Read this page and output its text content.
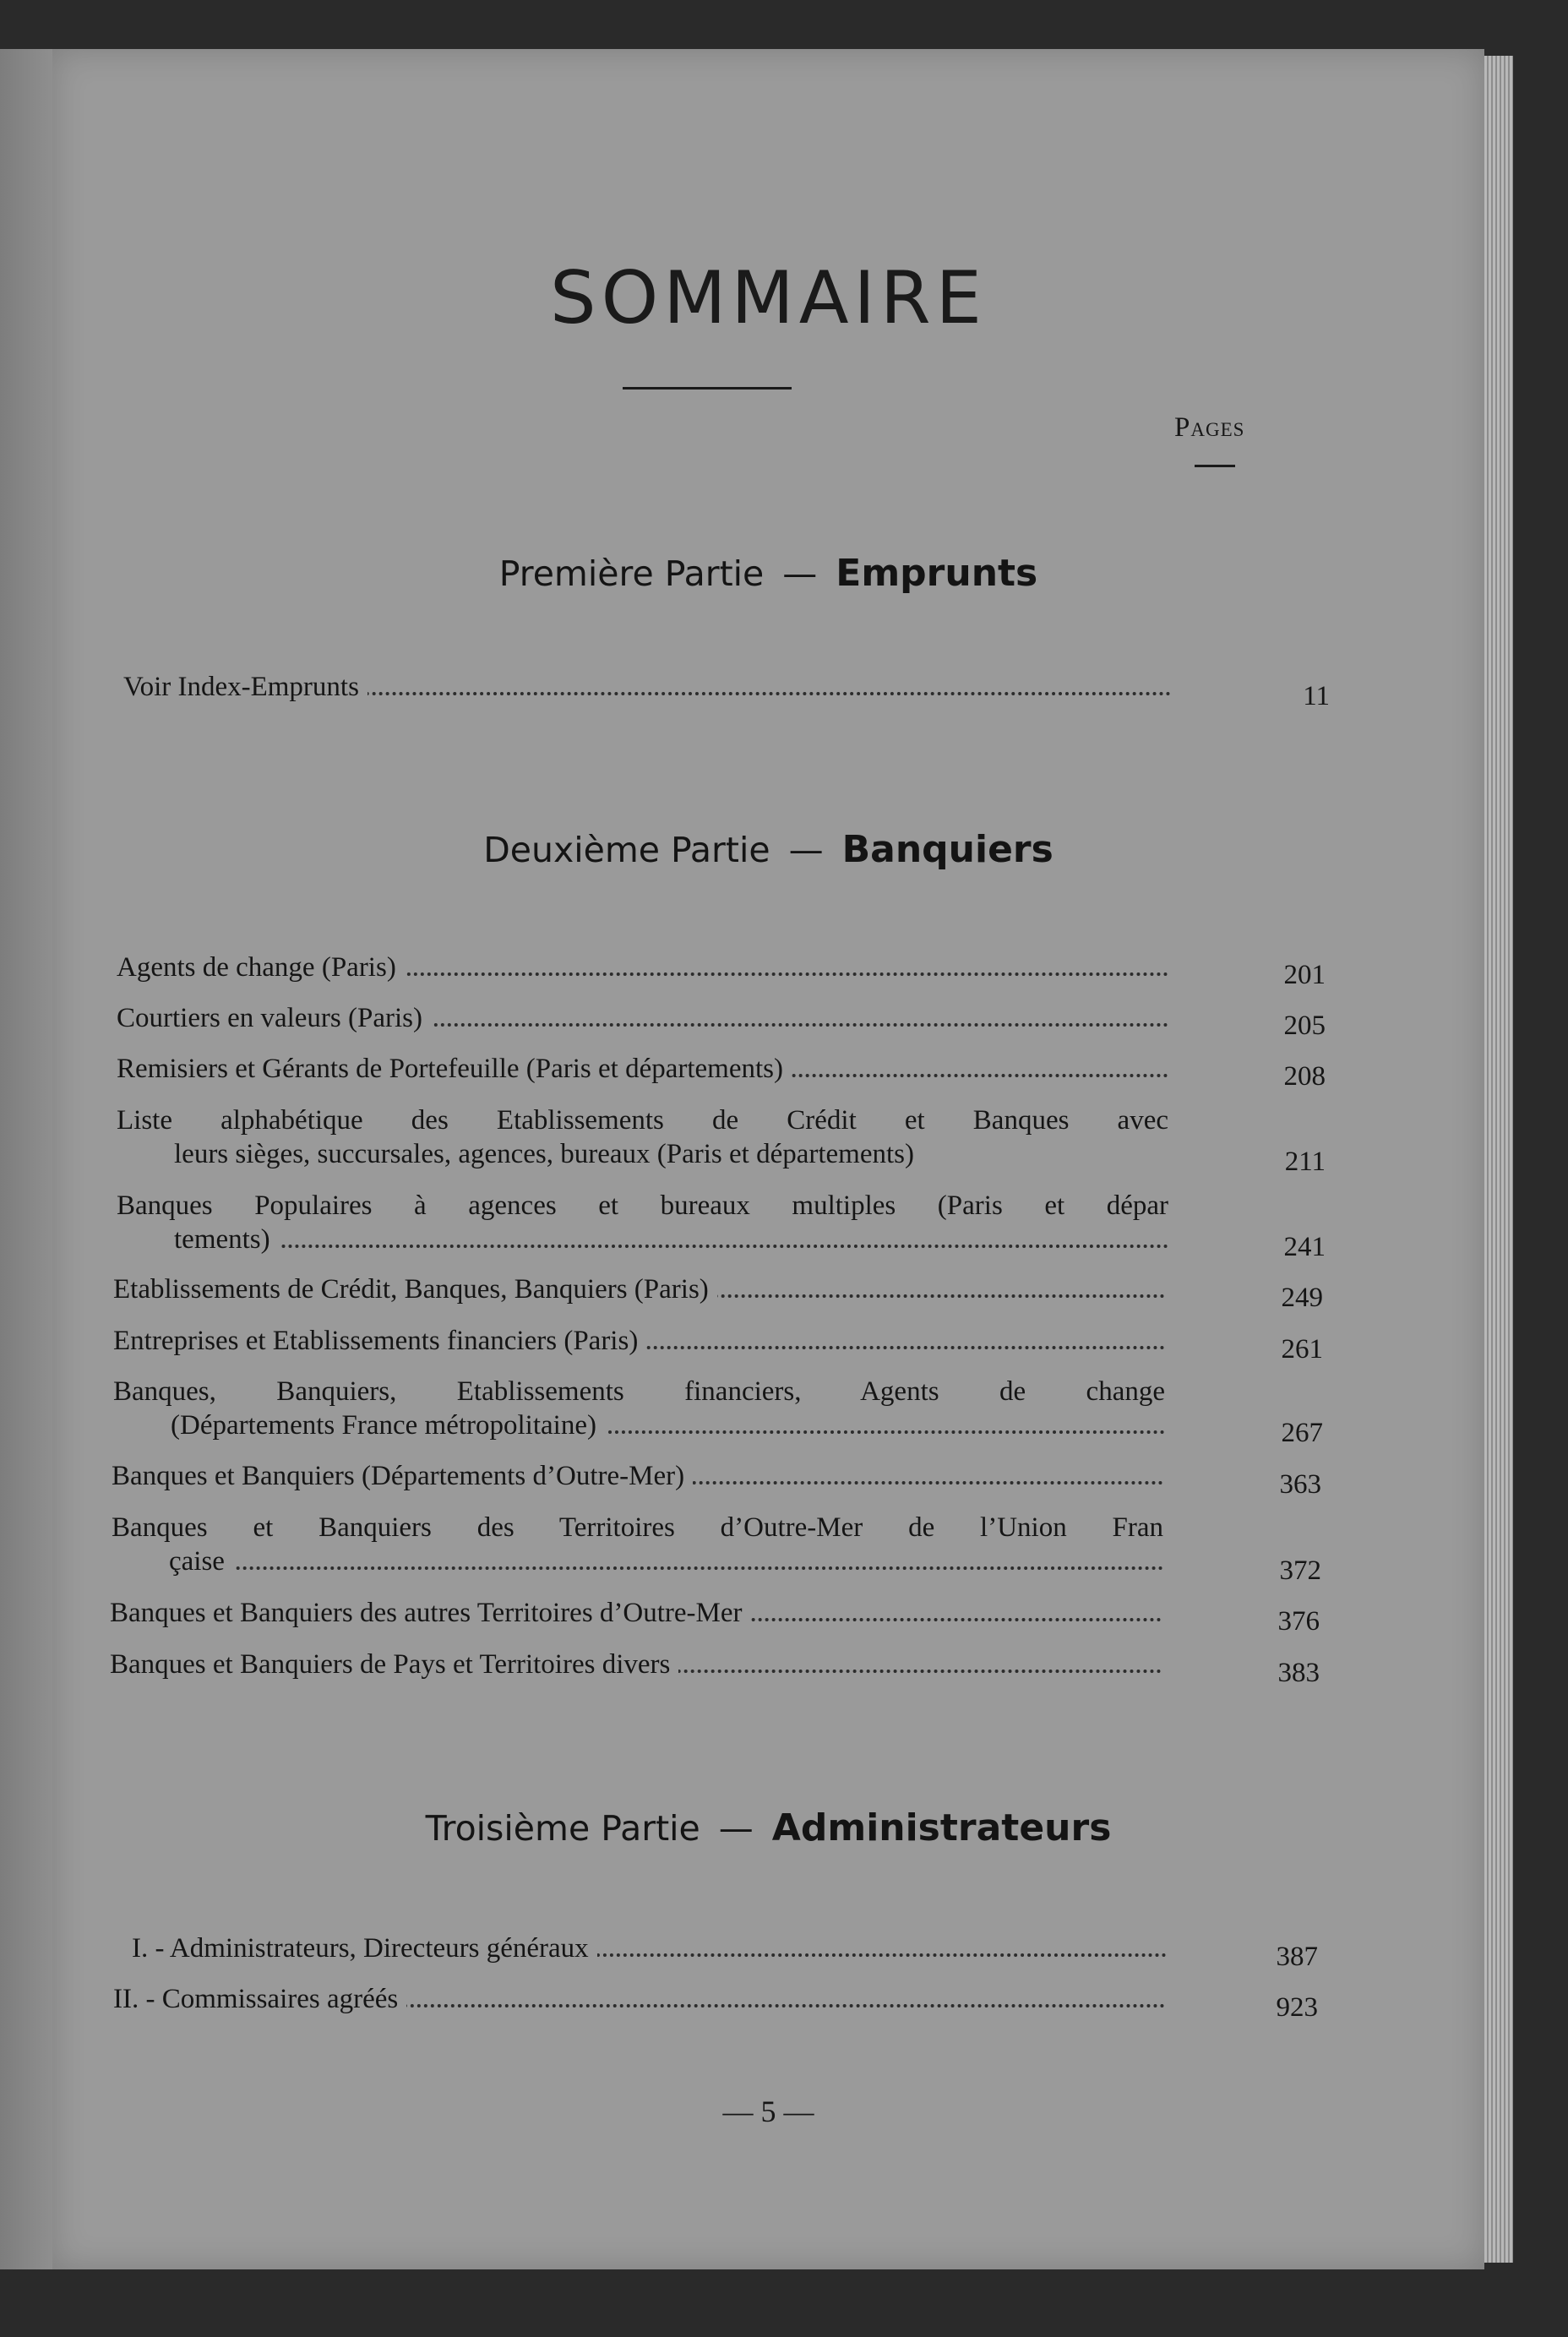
SOMMAIRE
Pages
Première Partie — Emprunts
Voir Index-Emprunts	11
Deuxième Partie — Banquiers
Agents de change (Paris)	201
Courtiers en valeurs (Paris)	205
Remisiers et Gérants de Portefeuille (Paris et départements)	208
Liste alphabétique des Etablissements de Crédit et Banques avec
leurs sièges, succursales, agences, bureaux (Paris et départements)	211
Banques Populaires à agences et bureaux multiples (Paris et dépar
tements)	241
Etablissements de Crédit, Banques, Banquiers (Paris)	249
Entreprises et Etablissements financiers (Paris)	261
Banques, Banquiers, Etablissements financiers, Agents de change
(Départements France métropolitaine)	267
Banques et Banquiers (Départements d’Outre-Mer)	363
Banques et Banquiers des Territoires d’Outre-Mer de l’Union Fran
çaise	372
Banques et Banquiers des autres Territoires d’Outre-Mer	376
Banques et Banquiers de Pays et Territoires divers	383
Troisième Partie — Administrateurs
I. - Administrateurs, Directeurs généraux	387
II. - Commissaires agréés	923
— 5 —
